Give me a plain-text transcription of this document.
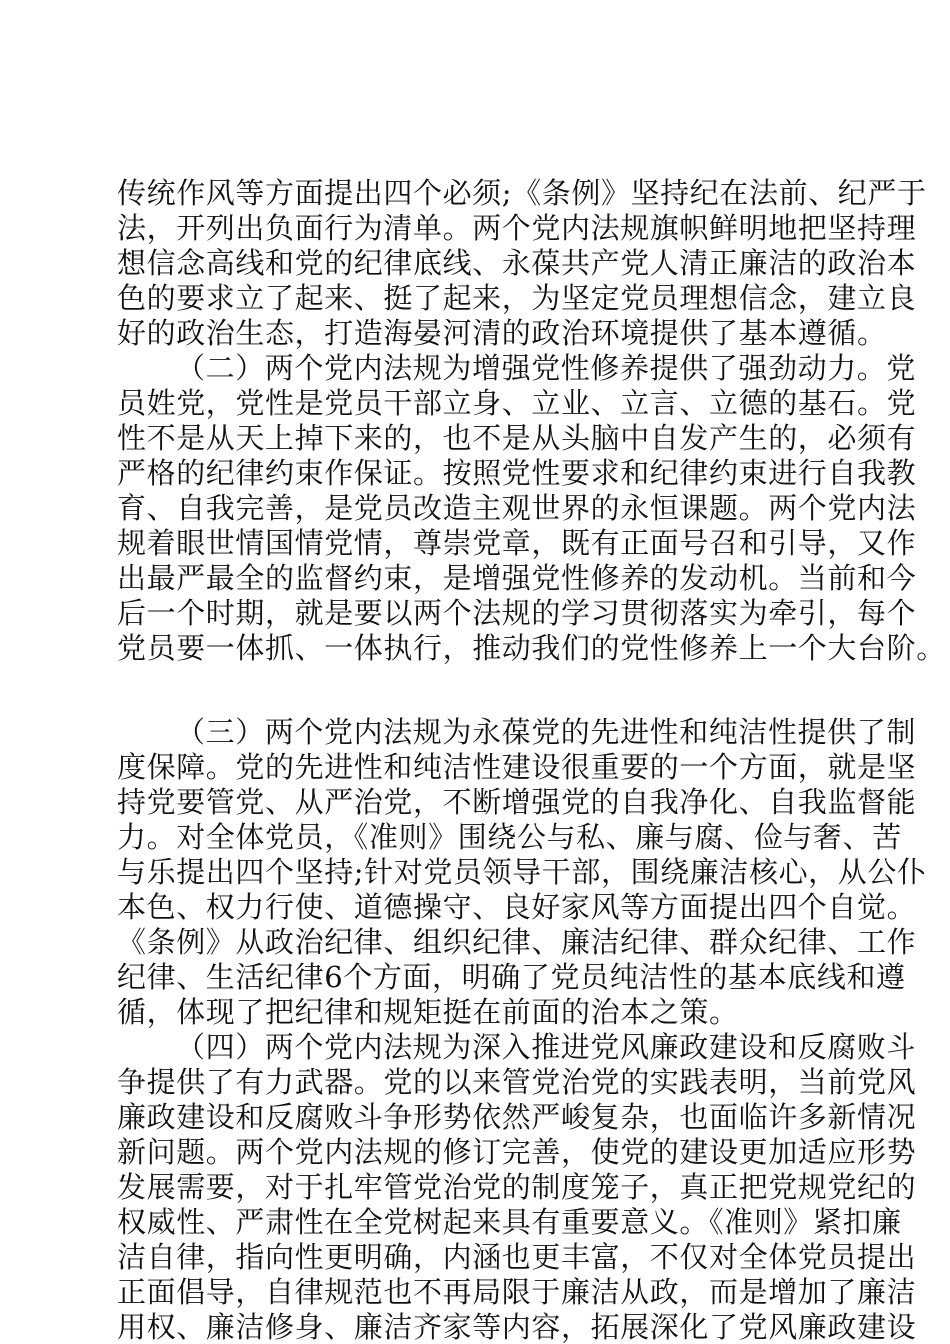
传统作风等方面提出四个必须;《条例》坚持纪在法前、纪严于
法，开列出负面行为清单。两个党内法规旗帜鲜明地把坚持理
想信念高线和党的纪律底线、永葆共产党人清正廉洁的政治本
色的要求立了起来、挺了起来，为坚定党员理想信念，建立良
好的政治生态，打造海晏河清的政治环境提供了基本遵循。
（二）两个党内法规为增强党性修养提供了强劲动力。党
员姓党，党性是党员干部立身、立业、立言、立德的基石。党
性不是从天上掉下来的，也不是从头脑中自发产生的，必须有
严格的纪律约束作保证。按照党性要求和纪律约束进行自我教
育、自我完善，是党员改造主观世界的永恒课题。两个党内法
规着眼世情国情党情，尊崇党章，既有正面号召和引导，又作
出最严最全的监督约束，是增强党性修养的发动机。当前和今
后一个时期，就是要以两个法规的学习贯彻落实为牵引，每个
党员要一体抓、一体执行，推动我们的党性修养上一个大台阶。
（三）两个党内法规为永葆党的先进性和纯洁性提供了制
度保障。党的先进性和纯洁性建设很重要的一个方面，就是坚
持党要管党、从严治党，不断增强党的自我净化、自我监督能
力。对全体党员，《准则》围绕公与私、廉与腐、俭与奢、苦
与乐提出四个坚持;针对党员领导干部，围绕廉洁核心，从公仆
本色、权力行使、道德操守、良好家风等方面提出四个自觉。
《条例》从政治纪律、组织纪律、廉洁纪律、群众纪律、工作
纪律、生活纪律6个方面，明确了党员纯洁性的基本底线和遵
循，体现了把纪律和规矩挺在前面的治本之策。
（四）两个党内法规为深入推进党风廉政建设和反腐败斗
争提供了有力武器。党的以来管党治党的实践表明，当前党风
廉政建设和反腐败斗争形势依然严峻复杂，也面临许多新情况
新问题。两个党内法规的修订完善，使党的建设更加适应形势
发展需要，对于扎牢管党治党的制度笼子，真正把党规党纪的
权威性、严肃性在全党树起来具有重要意义。《准则》紧扣廉
洁自律，指向性更明确，内涵也更丰富，不仅对全体党员提出
正面倡导，自律规范也不再局限于廉洁从政，而是增加了廉洁
用权、廉洁修身、廉洁齐家等内容，拓展深化了党风廉政建设
